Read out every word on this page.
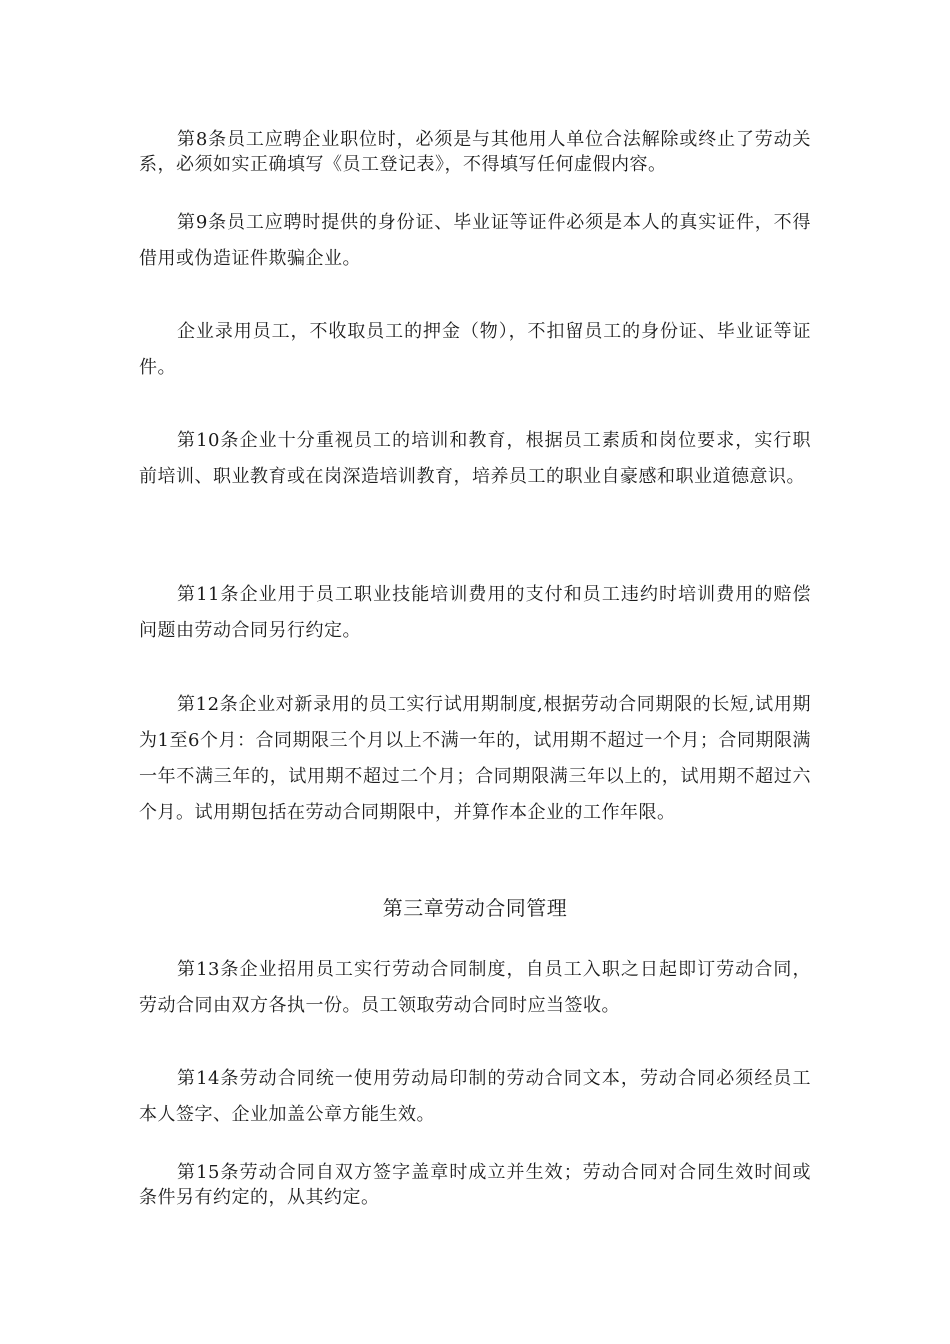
第8条员工应聘企业职位时，必须是与其他用人单位合法解除或终止了劳动关系，必须如实正确填写《员工登记表》，不得填写任何虚假内容。

第9条员工应聘时提供的身份证、毕业证等证件必须是本人的真实证件，不得借用或伪造证件欺骗企业。

企业录用员工，不收取员工的押金（物），不扣留员工的身份证、毕业证等证件。

第10条企业十分重视员工的培训和教育，根据员工素质和岗位要求，实行职前培训、职业教育或在岗深造培训教育，培养员工的职业自豪感和职业道德意识。

第11条企业用于员工职业技能培训费用的支付和员工违约时培训费用的赔偿问题由劳动合同另行约定。

第12条企业对新录用的员工实行试用期制度,根据劳动合同期限的长短,试用期为1至6个月：合同期限三个月以上不满一年的，试用期不超过一个月；合同期限满一年不满三年的，试用期不超过二个月；合同期限满三年以上的，试用期不超过六个月。试用期包括在劳动合同期限中，并算作本企业的工作年限。

第三章劳动合同管理

第13条企业招用员工实行劳动合同制度，自员工入职之日起即订劳动合同，劳动合同由双方各执一份。员工领取劳动合同时应当签收。

第14条劳动合同统一使用劳动局印制的劳动合同文本，劳动合同必须经员工本人签字、企业加盖公章方能生效。

第15条劳动合同自双方签字盖章时成立并生效；劳动合同对合同生效时间或条件另有约定的，从其约定。
